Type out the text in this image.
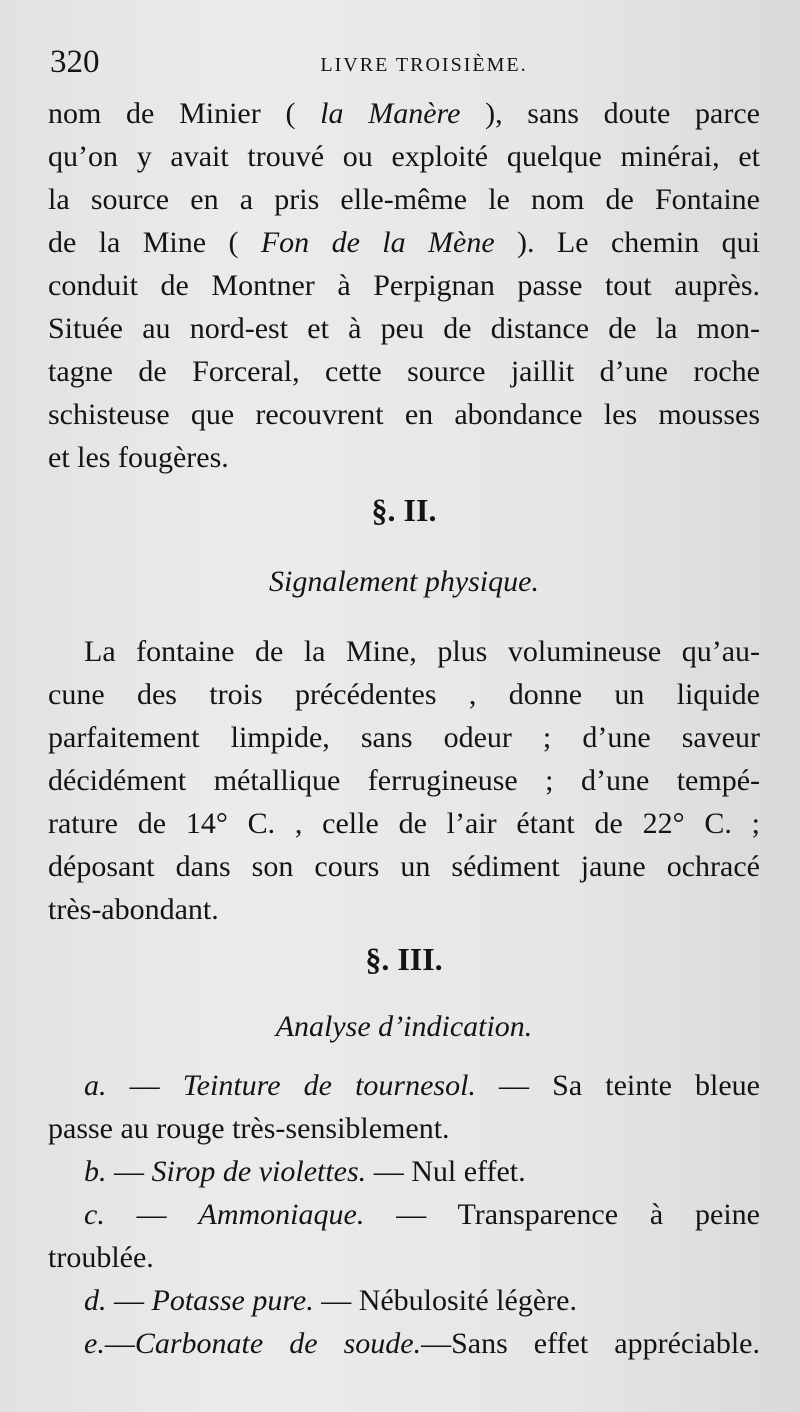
320	LIVRE TROISIÈME.
nom de Minier ( la Manère ), sans doute parce
qu’on y avait trouvé ou exploité quelque minérai, et
la source en a pris elle-même le nom de Fontaine
de la Mine ( Fon de la Mène ). Le chemin qui
conduit de Montner à Perpignan passe tout auprès.
Située au nord-est et à peu de distance de la mon-
tagne de Forceral, cette source jaillit d’une roche
schisteuse que recouvrent en abondance les mousses
et les fougères.
§. II.
Signalement physique.
La fontaine de la Mine, plus volumineuse qu’au-
cune des trois précédentes , donne un liquide
parfaitement limpide, sans odeur ; d’une saveur
décidément métallique ferrugineuse ; d’une tempé-
rature de 14° C. , celle de l’air étant de 22° C. ;
déposant dans son cours un sédiment jaune ochracé
très-abondant.
§. III.
Analyse d’indication.
a. — Teinture de tournesol. — Sa teinte bleue
passe au rouge très-sensiblement.
b. — Sirop de violettes. — Nul effet.
c. — Ammoniaque. — Transparence à peine
troublée.
d. — Potasse pure. — Nébulosité légère.
e.—Carbonate de soude.—Sans effet appréciable.
